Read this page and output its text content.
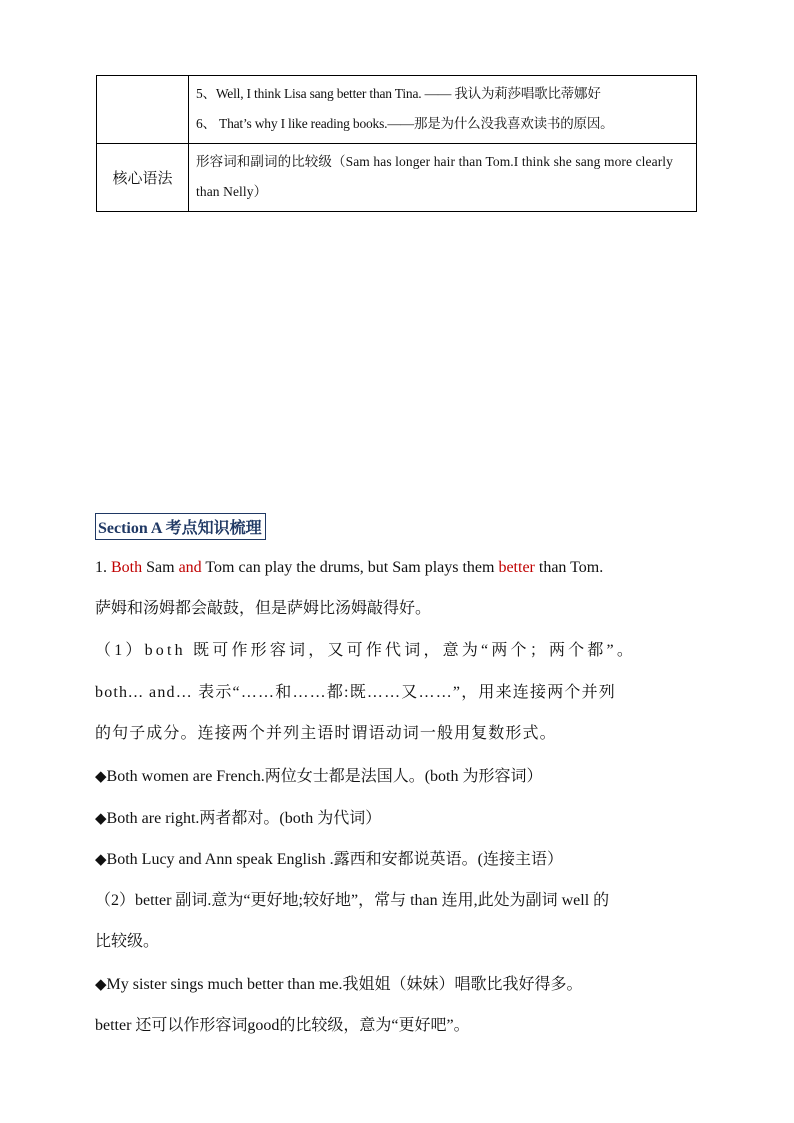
	5、Well, I think Lisa sang better than Tina. —— 我认为莉莎唱歌比蒂娜好
6、 That’s why I like reading books.——那是为什么没我喜欢读书的原因。

核心语法	形容词和副词的比较级（Sam has longer hair than Tom.I think she sang more clearly than Nelly）
Section A 考点知识梳理
1. Both Sam and Tom can play the drums, but Sam plays them better than Tom.
萨姆和汤姆都会敲鼓，但是萨姆比汤姆敲得好。
（1）both 既可作形容词，又可作代词，意为“两个；两个都”。
both... and… 表示“……和……都:既……又……”，用来连接两个并列
的句子成分。连接两个并列主语时谓语动词一般用复数形式。
◆Both women are French.两位女士都是法国人。(both 为形容词）
◆Both are right.两者都对。(both 为代词）
◆Both Lucy and Ann speak English .露西和安都说英语。(连接主语）
（2）better 副词.意为“更好地;较好地”，常与 than 连用,此处为副词 well 的
比较级。
◆My sister sings much better than me.我姐姐（妹妹）唱歌比我好得多。
better 还可以作形容词good的比较级，意为“更好吧”。
